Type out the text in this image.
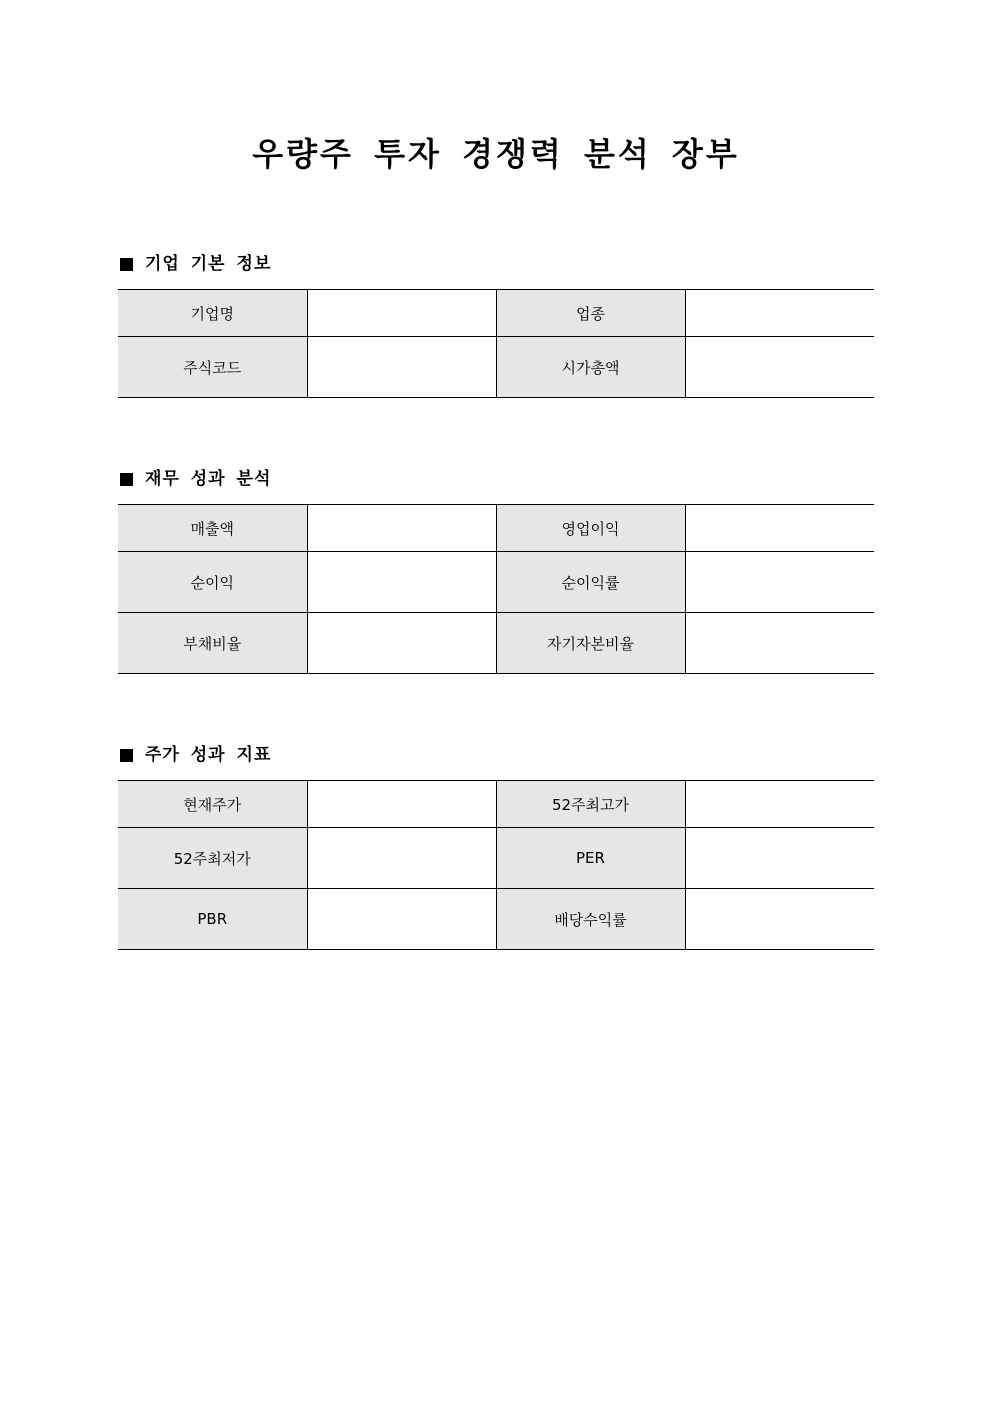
우량주 투자 경쟁력 분석 장부
기업 기본 정보
기업명		업종	
주식코드		시가총액	
재무 성과 분석
매출액		영업이익	
순이익		순이익률	
부채비율		자기자본비율	
주가 성과 지표
현재주가		52주최고가	
52주최저가		PER	
PBR		배당수익률	
